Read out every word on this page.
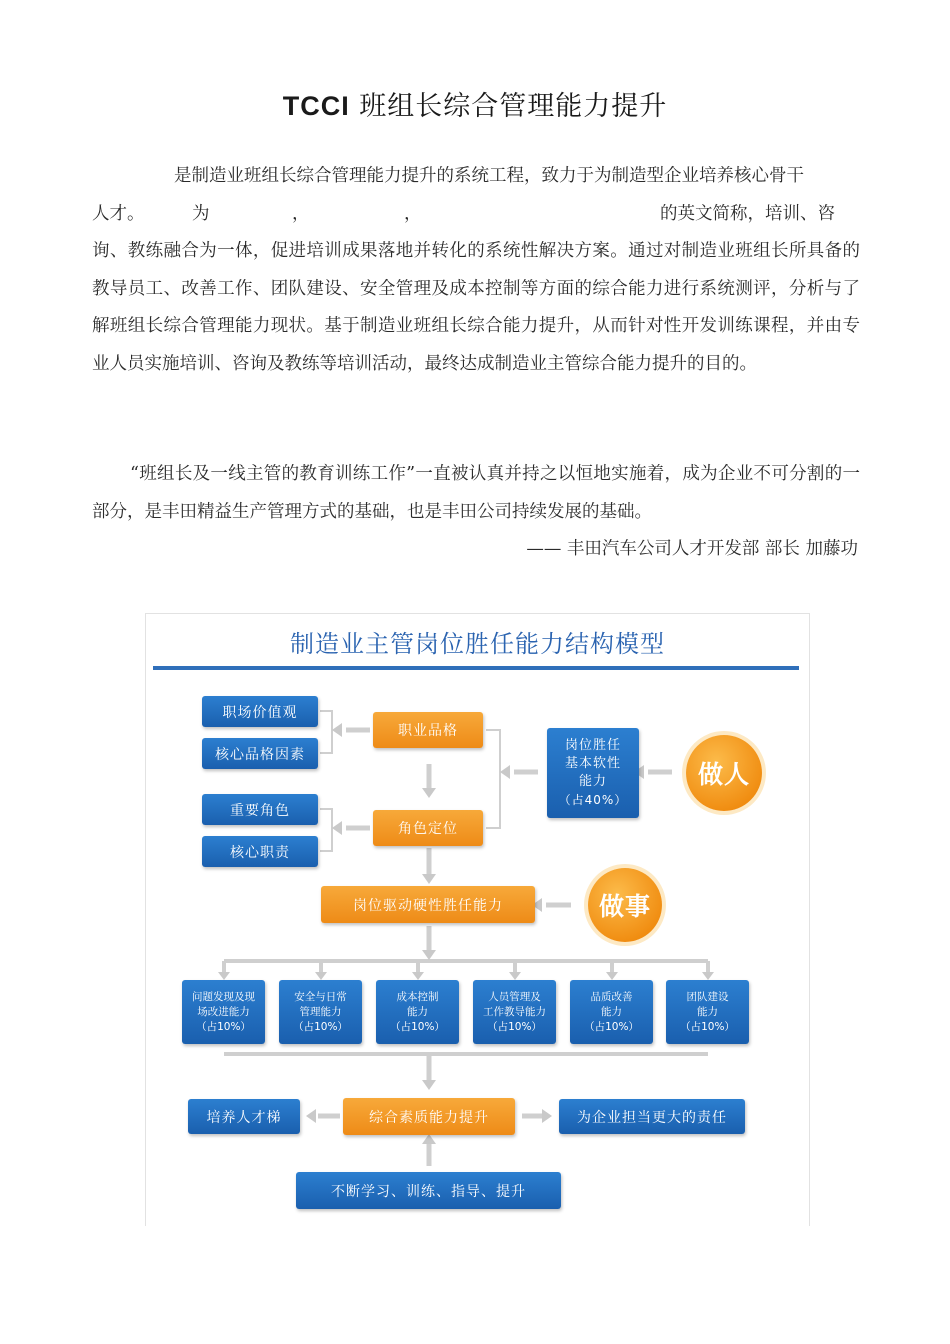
TCCI 班组长综合管理能力提升
是制造业班组长综合管理能力提升的系统工程，致力于为制造型企业培养核心骨干
人才。	为	，	，	的英文简称，培训、咨
询、教练融合为一体，促进培训成果落地并转化的系统性解决方案。通过对制造业班组长所具备的教导员工、改善工作、团队建设、安全管理及成本控制等方面的综合能力进行系统测评，分析与了解班组长综合管理能力现状。基于制造业班组长综合能力提升，从而针对性开发训练课程，并由专业人员实施培训、咨询及教练等培训活动，最终达成制造业主管综合能力提升的目的。

“班组长及一线主管的教育训练工作”一直被认真并持之以恒地实施着，成为企业不可分割的一部分，是丰田精益生产管理方式的基础，也是丰田公司持续发展的基础。

—— 丰田汽车公司人才开发部 部长 加藤功
制造业主管岗位胜任能力结构模型
职场价值观
核心品格因素
重要角色
核心职责
职业品格
角色定位
岗位胜任
基本软性
能力
（占40%）
做人
岗位驱动硬性胜任能力	做事
问题发现及现
场改进能力
（占10%）
安全与日常
管理能力
（占10%）
成本控制
能力
（占10%）
人员管理及
工作教导能力
（占10%）
品质改善
能力
（占10%）
团队建设
能力
（占10%）
培养人才梯	综合素质能力提升	为企业担当更大的责任
不断学习、训练、指导、提升
